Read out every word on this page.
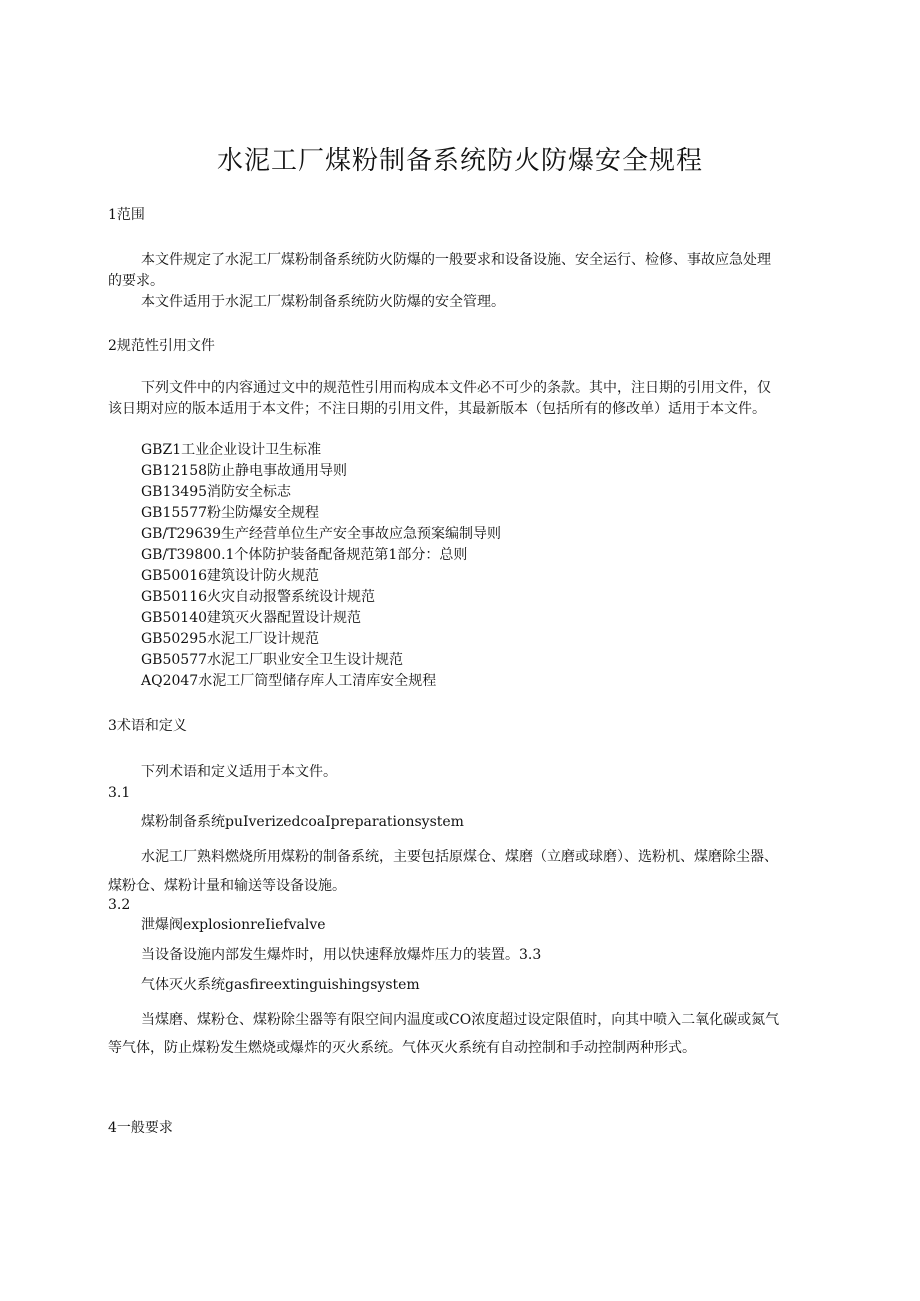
水泥工厂煤粉制备系统防火防爆安全规程
1范围
本文件规定了水泥工厂煤粉制备系统防火防爆的一般要求和设备设施、安全运行、检修、事故应急处理的要求。
本文件适用于水泥工厂煤粉制备系统防火防爆的安全管理。
2规范性引用文件
下列文件中的内容通过文中的规范性引用而构成本文件必不可少的条款。其中，注日期的引用文件，仅该日期对应的版本适用于本文件；不注日期的引用文件，其最新版本（包括所有的修改单）适用于本文件。
GBZ1工业企业设计卫生标准
GB12158防止静电事故通用导则
GB13495消防安全标志
GB15577粉尘防爆安全规程
GB/T29639生产经营单位生产安全事故应急预案编制导则
GB/T39800.1个体防护装备配备规范第1部分：总则
GB50016建筑设计防火规范
GB50116火灾自动报警系统设计规范
GB50140建筑灭火器配置设计规范
GB50295水泥工厂设计规范
GB50577水泥工厂职业安全卫生设计规范
AQ2047水泥工厂筒型储存库人工清库安全规程
3术语和定义
下列术语和定义适用于本文件。
3.1
煤粉制备系统puIverizedcoaIpreparationsystem
水泥工厂熟料燃烧所用煤粉的制备系统，主要包括原煤仓、煤磨（立磨或球磨）、选粉机、煤磨除尘器、煤粉仓、煤粉计量和输送等设备设施。
3.2
泄爆阀explosionreIiefvalve
当设备设施内部发生爆炸时，用以快速释放爆炸压力的装置。3.3
气体灭火系统gasfireextinguishingsystem
当煤磨、煤粉仓、煤粉除尘器等有限空间内温度或CO浓度超过设定限值时，向其中喷入二氧化碳或氮气等气体，防止煤粉发生燃烧或爆炸的灭火系统。气体灭火系统有自动控制和手动控制两种形式。
4一般要求
